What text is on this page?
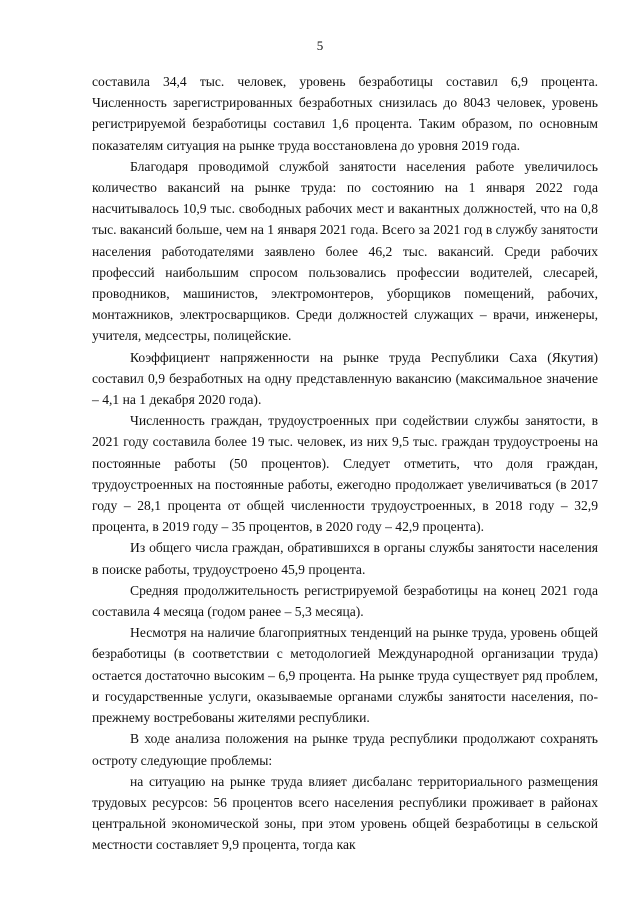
5

составила 34,4 тыс. человек, уровень безработицы составил 6,9 процента. Численность зарегистрированных безработных снизилась до 8043 человек, уровень регистрируемой безработицы составил 1,6 процента. Таким образом, по основным показателям ситуация на рынке труда восстановлена до уровня 2019 года.

Благодаря проводимой службой занятости населения работе увеличилось количество вакансий на рынке труда: по состоянию на 1 января 2022 года насчитывалось 10,9 тыс. свободных рабочих мест и вакантных должностей, что на 0,8 тыс. вакансий больше, чем на 1 января 2021 года. Всего за 2021 год в службу занятости населения работодателями заявлено более 46,2 тыс. вакансий. Среди рабочих профессий наибольшим спросом пользовались профессии водителей, слесарей, проводников, машинистов, электромонтеров, уборщиков помещений, рабочих, монтажников, электросварщиков. Среди должностей служащих – врачи, инженеры, учителя, медсестры, полицейские.

Коэффициент напряженности на рынке труда Республики Саха (Якутия) составил 0,9 безработных на одну представленную вакансию (максимальное значение – 4,1 на 1 декабря 2020 года).

Численность граждан, трудоустроенных при содействии службы занятости, в 2021 году составила более 19 тыс. человек, из них 9,5 тыс. граждан трудоустроены на постоянные работы (50 процентов). Следует отметить, что доля граждан, трудоустроенных на постоянные работы, ежегодно продолжает увеличиваться (в 2017 году – 28,1 процента от общей численности трудоустроенных, в 2018 году – 32,9 процента, в 2019 году – 35 процентов, в 2020 году – 42,9 процента).

Из общего числа граждан, обратившихся в органы службы занятости населения в поиске работы, трудоустроено 45,9 процента.

Средняя продолжительность регистрируемой безработицы на конец 2021 года составила 4 месяца (годом ранее – 5,3 месяца).

Несмотря на наличие благоприятных тенденций на рынке труда, уровень общей безработицы (в соответствии с методологией Международной организации труда) остается достаточно высоким – 6,9 процента. На рынке труда существует ряд проблем, и государственные услуги, оказываемые органами службы занятости населения, по-прежнему востребованы жителями республики.

В ходе анализа положения на рынке труда республики продолжают сохранять остроту следующие проблемы:

на ситуацию на рынке труда влияет дисбаланс территориального размещения трудовых ресурсов: 56 процентов всего населения республики проживает в районах центральной экономической зоны, при этом уровень общей безработицы в сельской местности составляет 9,9 процента, тогда как
